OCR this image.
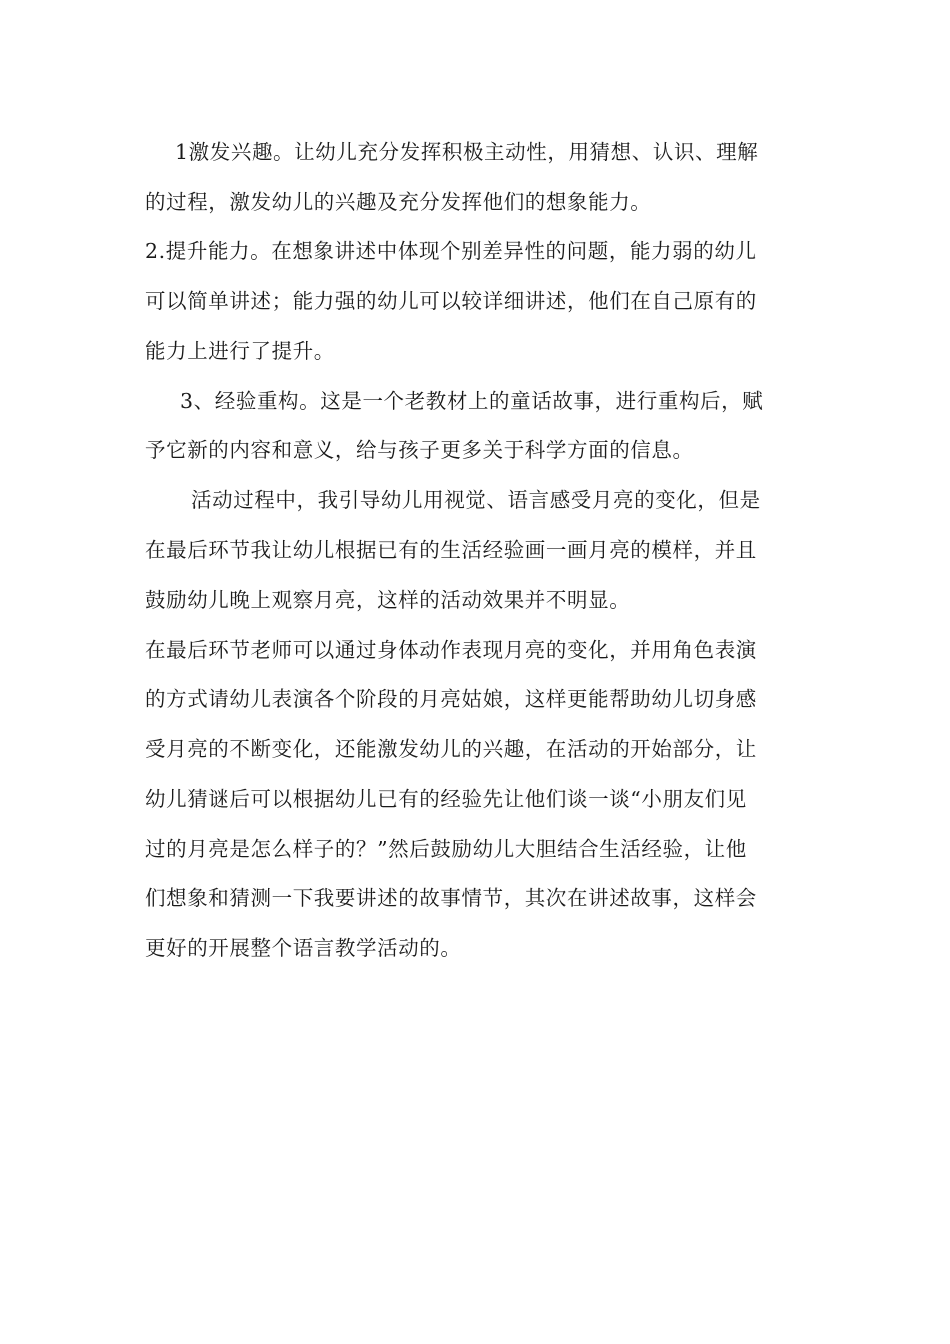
1激发兴趣。让幼儿充分发挥积极主动性，用猜想、认识、理解
的过程，激发幼儿的兴趣及充分发挥他们的想象能力。
2.提升能力。在想象讲述中体现个别差异性的问题，能力弱的幼儿
可以简单讲述；能力强的幼儿可以较详细讲述，他们在自己原有的
能力上进行了提升。
3、经验重构。这是一个老教材上的童话故事，进行重构后，赋
予它新的内容和意义，给与孩子更多关于科学方面的信息。
活动过程中，我引导幼儿用视觉、语言感受月亮的变化，但是
在最后环节我让幼儿根据已有的生活经验画一画月亮的模样，并且
鼓励幼儿晚上观察月亮，这样的活动效果并不明显。
在最后环节老师可以通过身体动作表现月亮的变化，并用角色表演
的方式请幼儿表演各个阶段的月亮姑娘，这样更能帮助幼儿切身感
受月亮的不断变化，还能激发幼儿的兴趣，在活动的开始部分，让
幼儿猜谜后可以根据幼儿已有的经验先让他们谈一谈“小朋友们见
过的月亮是怎么样子的？”然后鼓励幼儿大胆结合生活经验，让他
们想象和猜测一下我要讲述的故事情节，其次在讲述故事，这样会
更好的开展整个语言教学活动的。
